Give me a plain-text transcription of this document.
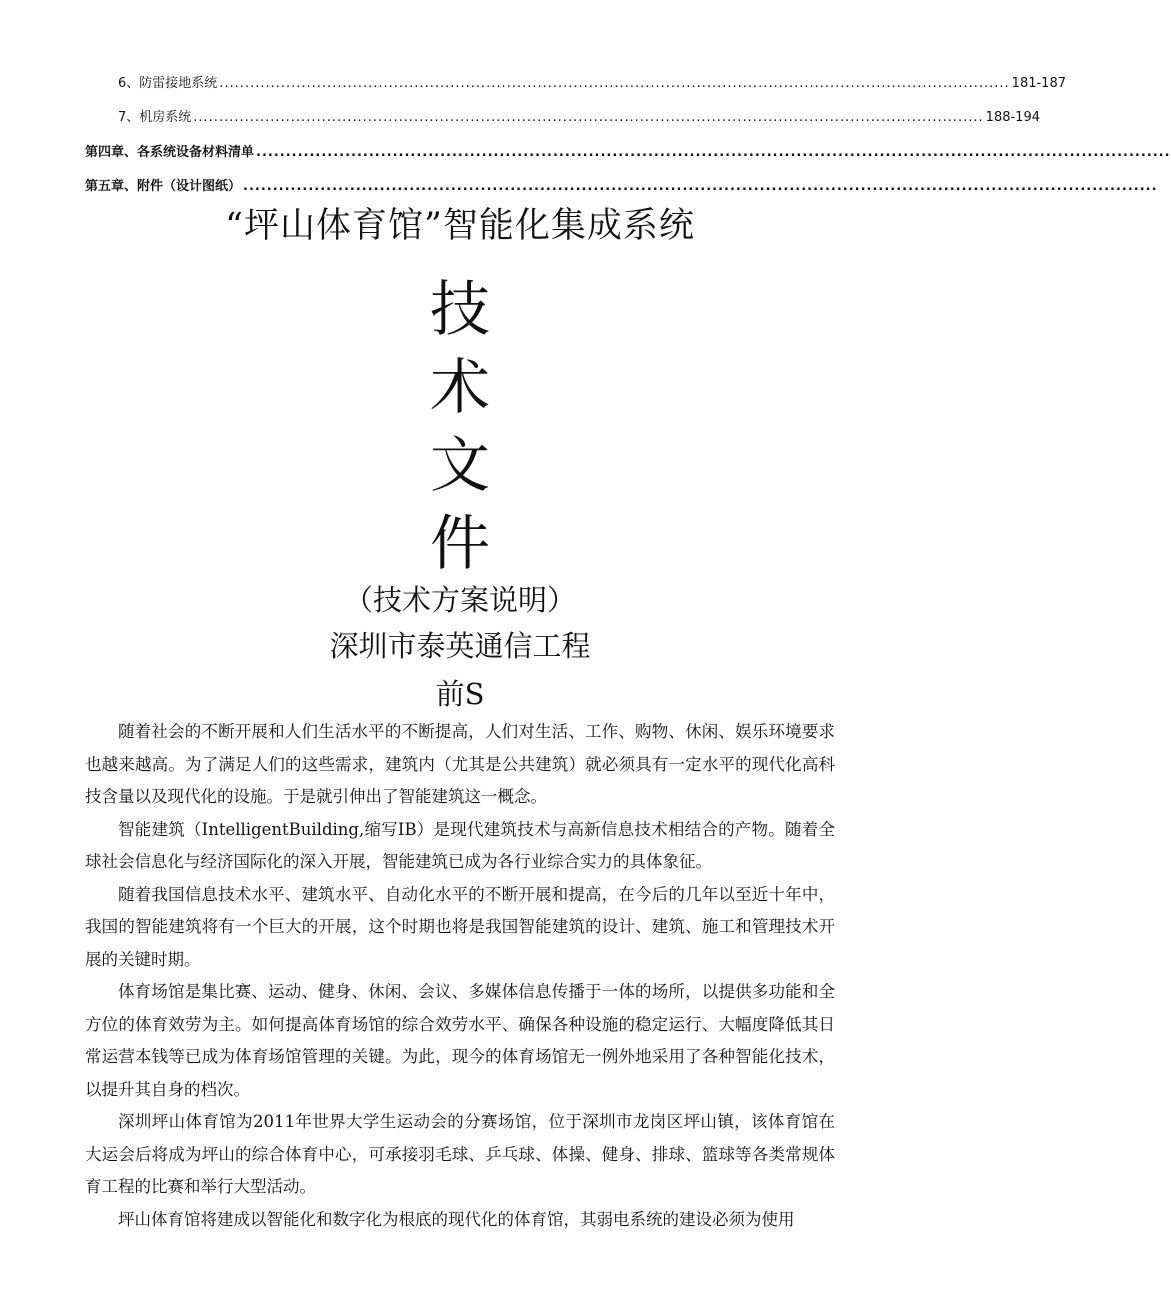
6、防雷接地系统 .......................................................................................................................................................... 181-187
7、机房系统 .......................................................................................................................................................... 188-194
第四章、各系统设备材料清单 ..........................................................................................................................................................
第五章、附件（设计图纸） ..........................................................................................................................................................
“坪山体育馆”智能化集成系统
技
术
文
件
（技术方案说明）
深圳市泰英通信工程
前S

随着社会的不断开展和人们生活水平的不断提高，人们对生活、工作、购物、休闲、娱乐环境要求也越来越高。为了满足人们的这些需求，建筑内（尤其是公共建筑）就必须具有一定水平的现代化高科技含量以及现代化的设施。于是就引伸出了智能建筑这一概念。

智能建筑（IntelligentBuilding,缩写IB）是现代建筑技术与高新信息技术相结合的产物。随着全球社会信息化与经济国际化的深入开展，智能建筑已成为各行业综合实力的具体象征。

随着我国信息技术水平、建筑水平、自动化水平的不断开展和提高，在今后的几年以至近十年中，我国的智能建筑将有一个巨大的开展，这个时期也将是我国智能建筑的设计、建筑、施工和管理技术开展的关键时期。

体育场馆是集比赛、运动、健身、休闲、会议、多媒体信息传播于一体的场所，以提供多功能和全方位的体育效劳为主。如何提高体育场馆的综合效劳水平、确保各种设施的稳定运行、大幅度降低其日常运营本钱等已成为体育场馆管理的关键。为此，现今的体育场馆无一例外地采用了各种智能化技术，以提升其自身的档次。

深圳坪山体育馆为2011年世界大学生运动会的分赛场馆，位于深圳市龙岗区坪山镇，该体育馆在大运会后将成为坪山的综合体育中心，可承接羽毛球、乒乓球、体操、健身、排球、篮球等各类常规体育工程的比赛和举行大型活动。

坪山体育馆将建成以智能化和数字化为根底的现代化的体育馆，其弱电系统的建设必须为使用
